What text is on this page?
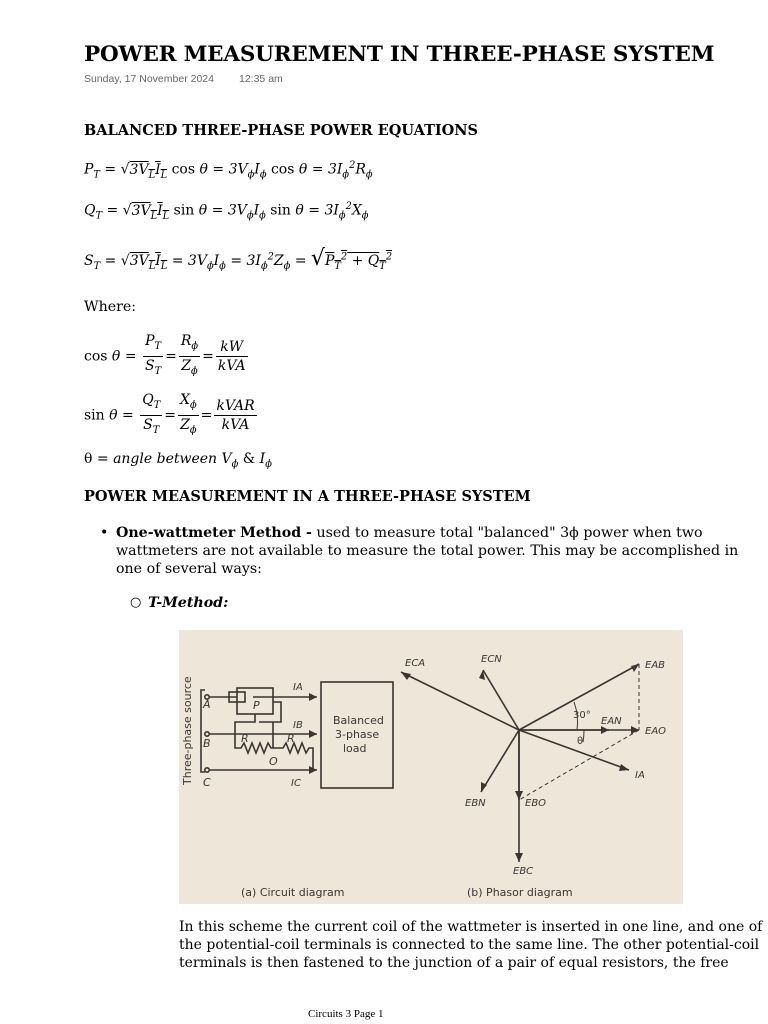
POWER MEASUREMENT IN THREE-PHASE SYSTEM
Sunday, 17 November 2024 12:35 am
BALANCED THREE-PHASE POWER EQUATIONS
$P_T = √3V_LI_L$ $\cos \theta = 3V_\phi I_\phi$ $\cos \theta = 3I_\phi^2R_\phi$
$Q_T = √3V_LI_L$ $\sin \theta = 3V_\phi I_\phi$ $\sin \theta = 3I_\phi^2X_\phi$
$S_T = √3V_LI_L = 3V_\phi I_\phi = 3I_\phi^2Z_\phi = √P_T^2 + Q_T^2$
Where:
$\cos \theta = \frac{P_T}{S_T} = \frac{R_\phi}{Z_\phi} = \frac{kW}{\text{kVA}}$
$\sin \theta = \frac{Q_T}{S_T} = \frac{X_\phi}{Z_\phi} = \frac{\text{kVAR}}{\text{kVA}}$
θ = angle between $V_\phi$ & $I_\phi$
POWER MEASUREMENT IN A THREE-PHASE SYSTEM
• One-wattmeter Method - used to measure total "balanced" 3ϕ power when two wattmeters are not available to measure the total power. This may be accomplished in one of several ways:
○ T-Method:
Three-phase source A
B
C
P
R	R
O
IA
IB
IC
Balanced
3-phase
load
ECA	ECN
EAB
EAN
EAO
IA
EBN	EBO
EBC
30°
θ
(a) Circuit diagram	(b) Phasor diagram
In this scheme the current coil of the wattmeter is inserted in one line, and one of the potential-coil terminals is connected to the same line. The other potential-coil terminals is then fastened to the junction of a pair of equal resistors, the free
Circuits 3 Page 1
